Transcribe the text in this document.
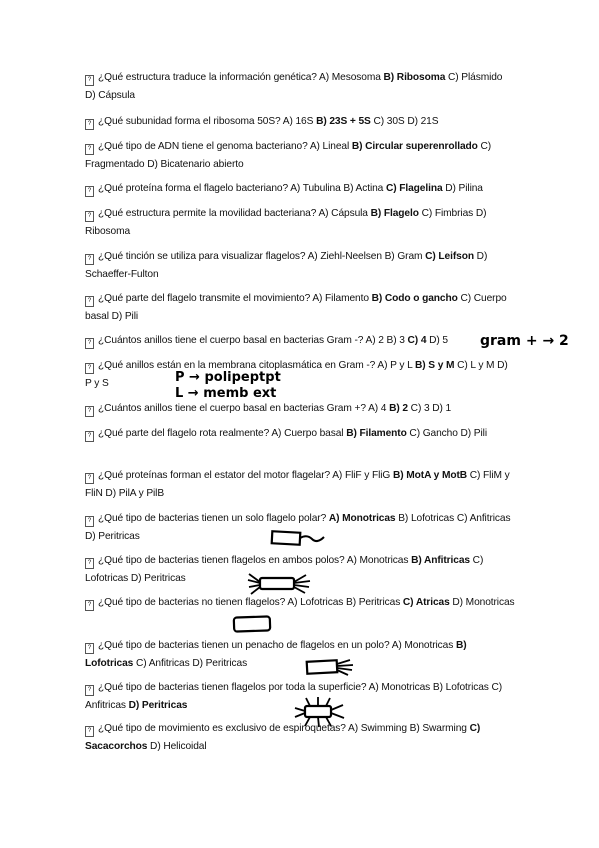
? ¿Qué estructura traduce la información genética? A) Mesosoma B) Ribosoma C) Plásmido D) Cápsula
? ¿Qué subunidad forma el ribosoma 50S? A) 16S B) 23S + 5S C) 30S D) 21S
? ¿Qué tipo de ADN tiene el genoma bacteriano? A) Lineal B) Circular superenrollado C) Fragmentado D) Bicatenario abierto
? ¿Qué proteína forma el flagelo bacteriano? A) Tubulina B) Actina C) Flagelina D) Pilina
? ¿Qué estructura permite la movilidad bacteriana? A) Cápsula B) Flagelo C) Fimbrias D) Ribosoma
? ¿Qué tinción se utiliza para visualizar flagelos? A) Ziehl-Neelsen B) Gram C) Leifson D) Schaeffer-Fulton
? ¿Qué parte del flagelo transmite el movimiento? A) Filamento B) Codo o gancho C) Cuerpo basal D) Pili
? ¿Cuántos anillos tiene el cuerpo basal en bacterias Gram -? A) 2 B) 3 C) 4 D) 5
? ¿Qué anillos están en la membrana citoplasmática en Gram -? A) P y L B) S y M C) L y M D) P y S
? ¿Cuántos anillos tiene el cuerpo basal en bacterias Gram +? A) 4 B) 2 C) 3 D) 1
? ¿Qué parte del flagelo rota realmente? A) Cuerpo basal B) Filamento C) Gancho D) Pili
? ¿Qué proteínas forman el estator del motor flagelar? A) FliF y FliG B) MotA y MotB C) FliM y FliN D) PilA y PilB
? ¿Qué tipo de bacterias tienen un solo flagelo polar? A) Monotricas B) Lofotricas C) Anfitricas D) Peritricas
? ¿Qué tipo de bacterias tienen flagelos en ambos polos? A) Monotricas B) Anfitricas C) Lofotricas D) Peritricas
? ¿Qué tipo de bacterias no tienen flagelos? A) Lofotricas B) Peritricas C) Atricas D) Monotricas
? ¿Qué tipo de bacterias tienen un penacho de flagelos en un polo? A) Monotricas B) Lofotricas C) Anfitricas D) Peritricas
? ¿Qué tipo de bacterias tienen flagelos por toda la superficie? A) Monotricas B) Lofotricas C) Anfitricas D) Peritricas
? ¿Qué tipo de movimiento es exclusivo de espiroquetas? A) Swimming B) Swarming C) Sacacorchos D) Helicoidal
gram + → 2
P → polipeptpt
L → memb ext
